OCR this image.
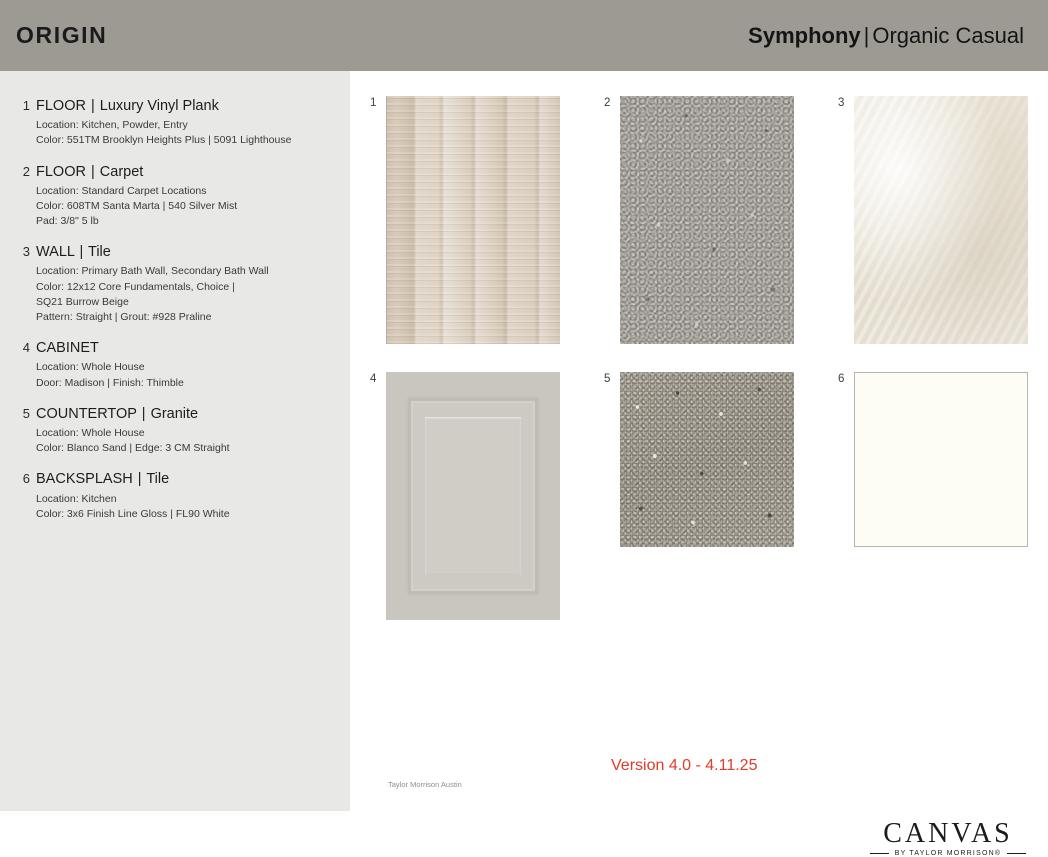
ORIGIN	Symphony | Organic Casual
1 FLOOR | Luxury Vinyl Plank
Location: Kitchen, Powder, Entry
Color: 551TM Brooklyn Heights Plus | 5091 Lighthouse
2 FLOOR | Carpet
Location: Standard Carpet Locations
Color: 608TM Santa Marta | 540 Silver Mist
Pad: 3/8" 5 lb
3 WALL | Tile
Location: Primary Bath Wall, Secondary Bath Wall
Color: 12x12 Core Fundamentals, Choice |
SQ21 Burrow Beige
Pattern: Straight | Grout: #928 Praline
4 CABINET
Location: Whole House
Door: Madison | Finish: Thimble
5 COUNTERTOP | Granite
Location: Whole House
Color: Blanco Sand | Edge: 3 CM Straight
6 BACKSPLASH | Tile
Location: Kitchen
Color: 3x6 Finish Line Gloss | FL90 White
1	2	3
4	5	6
Taylor Morrison Austin
Version 4.0 - 4.11.25
CANVAS
BY TAYLOR MORRISON®
